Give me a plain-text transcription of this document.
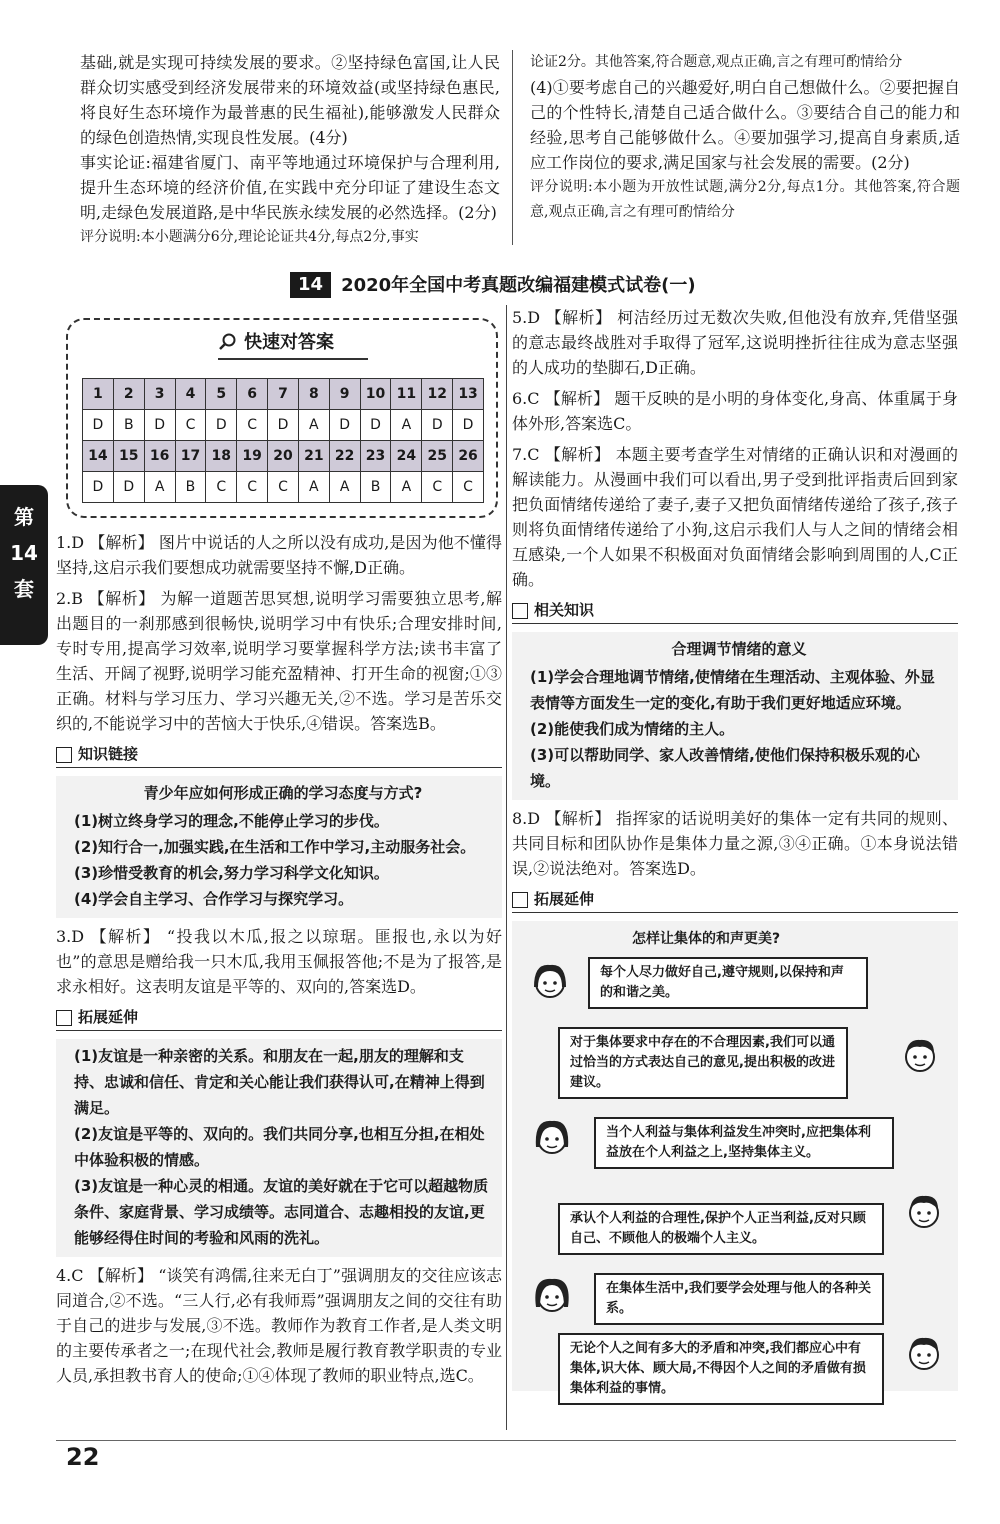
基础,就是实现可持续发展的要求。②坚持绿色富国,让人民群众切实感受到经济发展带来的环境效益(或坚持绿色惠民,将良好生态环境作为最普惠的民生福祉),能够激发人民群众的绿色创造热情,实现良性发展。(4分)

事实论证:福建省厦门、南平等地通过环境保护与合理利用,提升生态环境的经济价值,在实践中充分印证了建设生态文明,走绿色发展道路,是中华民族永续发展的必然选择。(2分)

评分说明:本小题满分6分,理论论证共4分,每点2分,事实

论证2分。其他答案,符合题意,观点正确,言之有理可酌情给分

(4)①要考虑自己的兴趣爱好,明白自己想做什么。②要把握自己的个性特长,清楚自己适合做什么。③要结合自己的能力和经验,思考自己能够做什么。④要加强学习,提高自身素质,适应工作岗位的要求,满足国家与社会发展的需要。(2分)

评分说明:本小题为开放性试题,满分2分,每点1分。其他答案,符合题意,观点正确,言之有理可酌情给分

14	2020年全国中考真题改编福建模式试卷(一)
第
14
套
快速对答案
1	2	3	4	5	6	7	8	9	10	11	12	13
D	B	D	C	D	C	D	A	D	D	A	D	D
14	15	16	17	18	19	20	21	22	23	24	25	26
D	D	A	B	C	C	C	A	A	B	A	C	C

1.D 【解析】 图片中说话的人之所以没有成功,是因为他不懂得坚持,这启示我们要想成功就需要坚持不懈,D正确。

2.B 【解析】 为解一道题苦思冥想,说明学习需要独立思考,解出题目的一刹那感到很畅快,说明学习中有快乐;合理安排时间,专时专用,提高学习效率,说明学习要掌握科学方法;读书丰富了生活、开阔了视野,说明学习能充盈精神、打开生命的视窗;①③正确。材料与学习压力、学习兴趣无关,②不选。学习是苦乐交织的,不能说学习中的苦恼大于快乐,④错误。答案选B。

知识链接
青少年应如何形成正确的学习态度与方式?
(1)树立终身学习的理念,不能停止学习的步伐。
(2)知行合一,加强实践,在生活和工作中学习,主动服务社会。
(3)珍惜受教育的机会,努力学习科学文化知识。
(4)学会自主学习、合作学习与探究学习。

3.D 【解析】 “投我以木瓜,报之以琼琚。匪报也,永以为好也”的意思是赠给我一只木瓜,我用玉佩报答他;不是为了报答,是求永相好。这表明友谊是平等的、双向的,答案选D。

拓展延伸
(1)友谊是一种亲密的关系。和朋友在一起,朋友的理解和支持、忠诚和信任、肯定和关心能让我们获得认可,在精神上得到满足。
(2)友谊是平等的、双向的。我们共同分享,也相互分担,在相处中体验积极的情感。
(3)友谊是一种心灵的相通。友谊的美好就在于它可以超越物质条件、家庭背景、学习成绩等。志同道合、志趣相投的友谊,更能够经得住时间的考验和风雨的洗礼。

4.C 【解析】 “谈笑有鸿儒,往来无白丁”强调朋友的交往应该志同道合,②不选。“三人行,必有我师焉”强调朋友之间的交往有助于自己的进步与发展,③不选。教师作为教育工作者,是人类文明的主要传承者之一;在现代社会,教师是履行教育教学职责的专业人员,承担教书育人的使命;①④体现了教师的职业特点,选C。

5.D 【解析】 柯洁经历过无数次失败,但他没有放弃,凭借坚强的意志最终战胜对手取得了冠军,这说明挫折往往成为意志坚强的人成功的垫脚石,D正确。

6.C 【解析】 题干反映的是小明的身体变化,身高、体重属于身体外形,答案选C。

7.C 【解析】 本题主要考查学生对情绪的正确认识和对漫画的解读能力。从漫画中我们可以看出,男子受到批评指责后回到家把负面情绪传递给了妻子,妻子又把负面情绪传递给了孩子,孩子则将负面情绪传递给了小狗,这启示我们人与人之间的情绪会相互感染,一个人如果不积极面对负面情绪会影响到周围的人,C正确。

相关知识
合理调节情绪的意义
(1)学会合理地调节情绪,使情绪在生理活动、主观体验、外显表情等方面发生一定的变化,有助于我们更好地适应环境。
(2)能使我们成为情绪的主人。
(3)可以帮助同学、家人改善情绪,使他们保持积极乐观的心境。

8.D 【解析】 指挥家的话说明美好的集体一定有共同的规则、共同目标和团队协作是集体力量之源,③④正确。①本身说法错误,②说法绝对。答案选D。

拓展延伸
怎样让集体的和声更美?
每个人尽力做好自己,遵守规则,以保持和声的和谐之美。
对于集体要求中存在的不合理因素,我们可以通过恰当的方式表达自己的意见,提出积极的改进建议。
当个人利益与集体利益发生冲突时,应把集体利益放在个人利益之上,坚持集体主义。
承认个人利益的合理性,保护个人正当利益,反对只顾自己、不顾他人的极端个人主义。
在集体生活中,我们要学会处理与他人的各种关系。
无论个人之间有多大的矛盾和冲突,我们都应心中有集体,识大体、顾大局,不得因个人之间的矛盾做有损集体利益的事情。
22
